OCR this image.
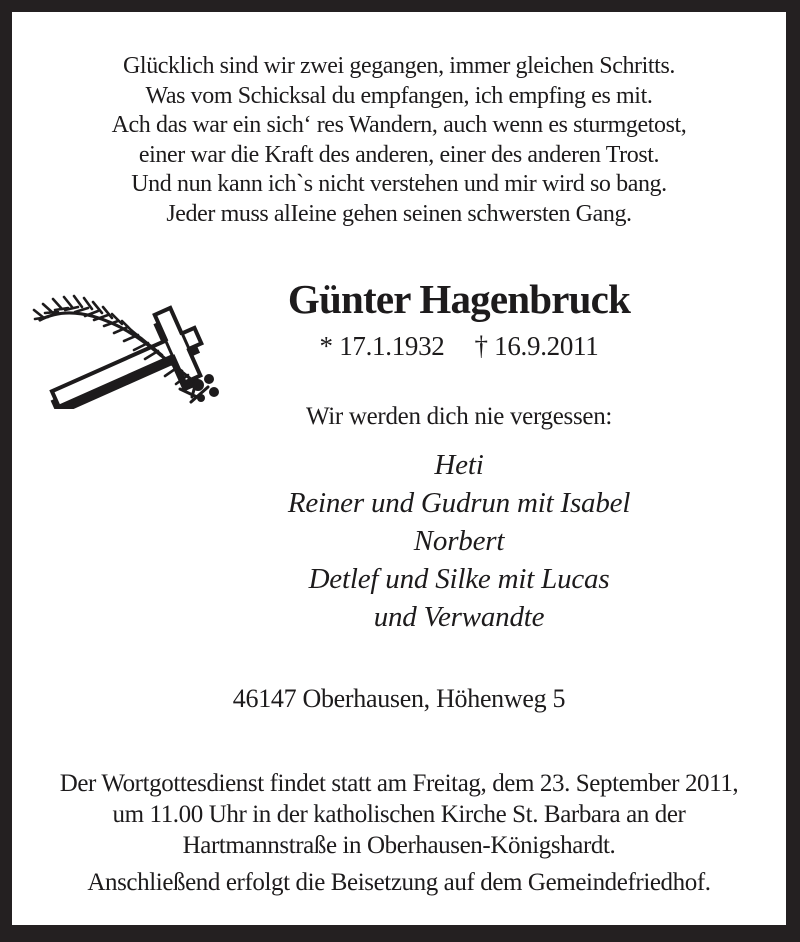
Glücklich sind wir zwei gegangen, immer gleichen Schritts.
Was vom Schicksal du empfangen, ich empfing es mit.
Ach das war ein sich‘ res Wandern, auch wenn es sturmgetost,
einer war die Kraft des anderen, einer des anderen Trost.
Und nun kann ich`s nicht verstehen und mir wird so bang.
Jeder muss alIeine gehen seinen schwersten Gang.
Günter Hagenbruck
* 17.1.1932 † 16.9.2011
Wir werden dich nie vergessen:
Heti
Reiner und Gudrun mit Isabel
Norbert
Detlef und Silke mit Lucas
und Verwandte
46147 Oberhausen, Höhenweg 5
Der Wortgottesdienst findet statt am Freitag, dem 23. September 2011,
um 11.00 Uhr in der katholischen Kirche St. Barbara an der
Hartmannstraße in Oberhausen-Königshardt.
Anschließend erfolgt die Beisetzung auf dem Gemeindefriedhof.
